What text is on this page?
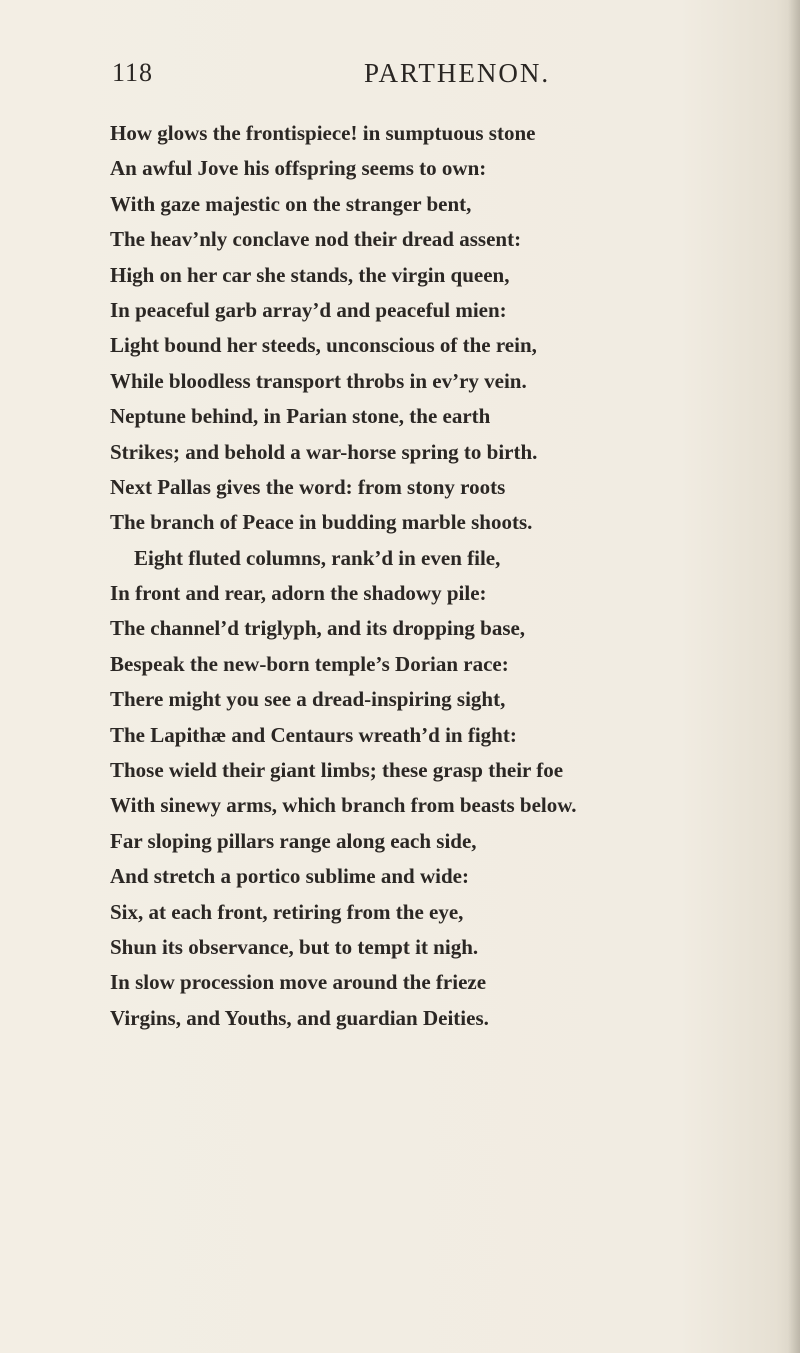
118	PARTHENON.
How glows the frontispiece! in sumptuous stone
An awful Jove his offspring seems to own:
With gaze majestic on the stranger bent,
The heav’nly conclave nod their dread assent:
High on her car she stands, the virgin queen,
In peaceful garb array’d and peaceful mien:
Light bound her steeds, unconscious of the rein,
While bloodless transport throbs in ev’ry vein.
Neptune behind, in Parian stone, the earth
Strikes; and behold a war-horse spring to birth.
Next Pallas gives the word: from stony roots
The branch of Peace in budding marble shoots.
Eight fluted columns, rank’d in even file,
In front and rear, adorn the shadowy pile:
The channel’d triglyph, and its dropping base,
Bespeak the new-born temple’s Dorian race:
There might you see a dread-inspiring sight,
The Lapithæ and Centaurs wreath’d in fight:
Those wield their giant limbs; these grasp their foe
With sinewy arms, which branch from beasts below.
Far sloping pillars range along each side,
And stretch a portico sublime and wide:
Six, at each front, retiring from the eye,
Shun its observance, but to tempt it nigh.
In slow procession move around the frieze
Virgins, and Youths, and guardian Deities.
